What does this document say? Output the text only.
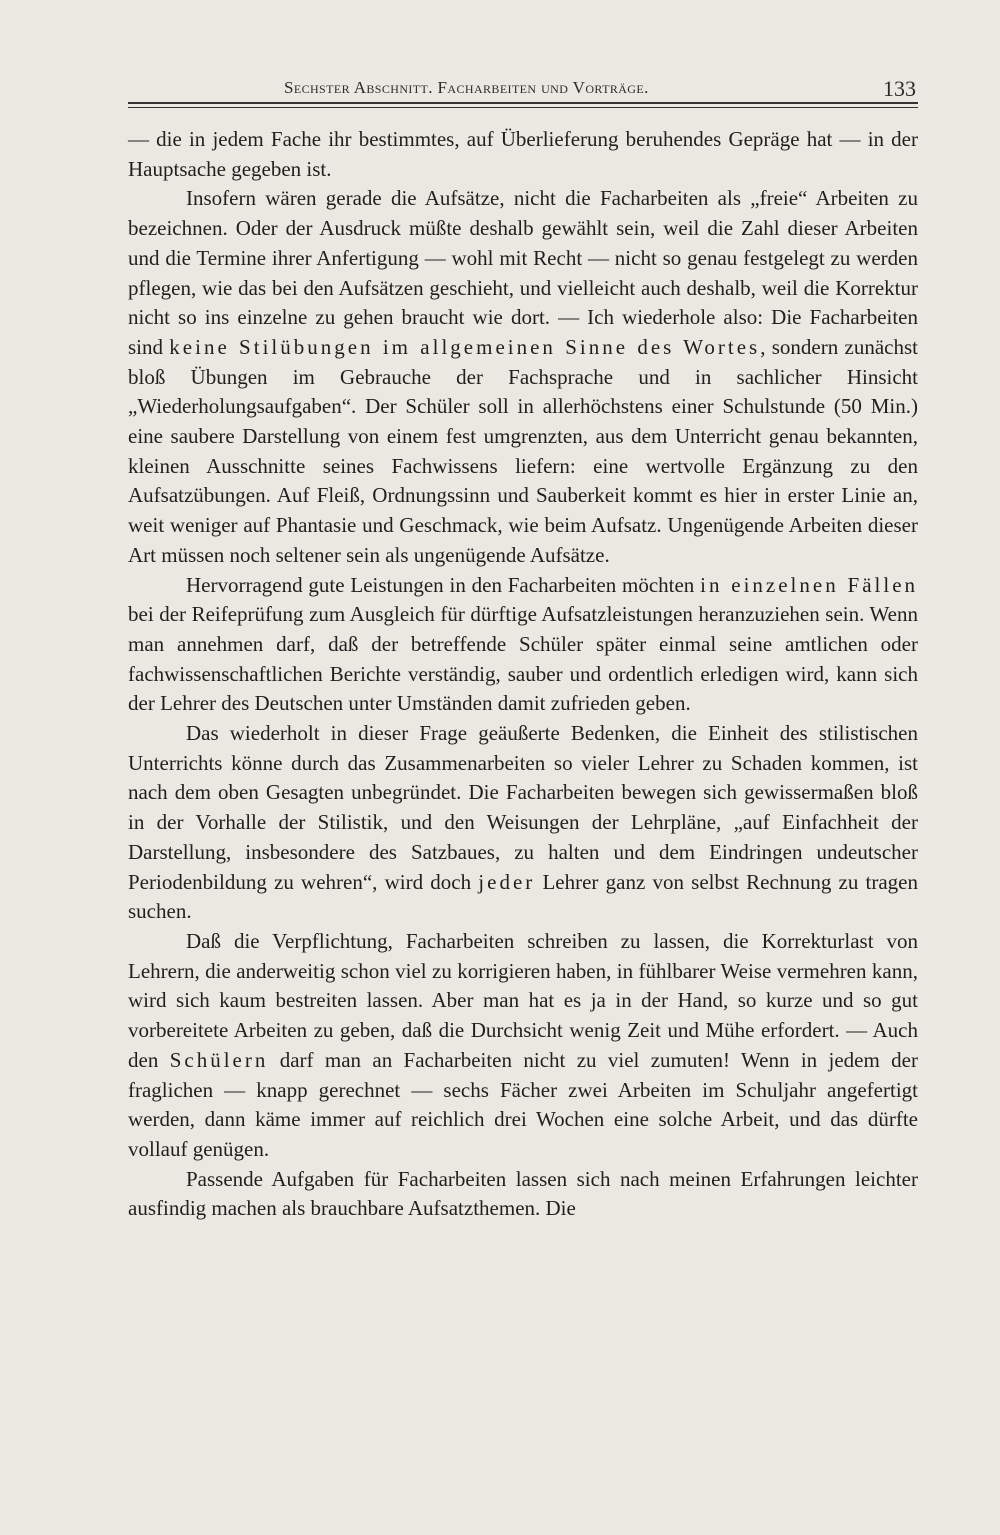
Sechster Abschnitt. Facharbeiten und Vorträge.	133

— die in jedem Fache ihr bestimmtes, auf Überlieferung beruhendes Gepräge hat — in der Hauptsache gegeben ist.

Insofern wären gerade die Aufsätze, nicht die Facharbeiten als „freie“ Arbeiten zu bezeichnen. Oder der Ausdruck müßte deshalb gewählt sein, weil die Zahl dieser Arbeiten und die Termine ihrer Anfertigung — wohl mit Recht — nicht so genau festgelegt zu werden pflegen, wie das bei den Aufsätzen geschieht, und vielleicht auch deshalb, weil die Korrektur nicht so ins einzelne zu gehen braucht wie dort. — Ich wiederhole also: Die Facharbeiten sind keine Stilübungen im allgemeinen Sinne des Wortes, sondern zunächst bloß Übungen im Gebrauche der Fachsprache und in sachlicher Hinsicht „Wiederholungsaufgaben“. Der Schüler soll in allerhöchstens einer Schulstunde (50 Min.) eine saubere Darstellung von einem fest umgrenzten, aus dem Unterricht genau bekannten, kleinen Ausschnitte seines Fachwissens liefern: eine wertvolle Ergänzung zu den Aufsatzübungen. Auf Fleiß, Ordnungssinn und Sauberkeit kommt es hier in erster Linie an, weit weniger auf Phantasie und Geschmack, wie beim Aufsatz. Ungenügende Arbeiten dieser Art müssen noch seltener sein als ungenügende Aufsätze.

Hervorragend gute Leistungen in den Facharbeiten möchten in einzelnen Fällen bei der Reifeprüfung zum Ausgleich für dürftige Aufsatzleistungen heranzuziehen sein. Wenn man annehmen darf, daß der betreffende Schüler später einmal seine amtlichen oder fachwissenschaftlichen Berichte verständig, sauber und ordentlich erledigen wird, kann sich der Lehrer des Deutschen unter Umständen damit zufrieden geben.

Das wiederholt in dieser Frage geäußerte Bedenken, die Einheit des stilistischen Unterrichts könne durch das Zusammenarbeiten so vieler Lehrer zu Schaden kommen, ist nach dem oben Gesagten unbegründet. Die Facharbeiten bewegen sich gewissermaßen bloß in der Vorhalle der Stilistik, und den Weisungen der Lehrpläne, „auf Einfachheit der Darstellung, insbesondere des Satzbaues, zu halten und dem Eindringen undeutscher Periodenbildung zu wehren“, wird doch jeder Lehrer ganz von selbst Rechnung zu tragen suchen.

Daß die Verpflichtung, Facharbeiten schreiben zu lassen, die Korrekturlast von Lehrern, die anderweitig schon viel zu korrigieren haben, in fühlbarer Weise vermehren kann, wird sich kaum bestreiten lassen. Aber man hat es ja in der Hand, so kurze und so gut vorbereitete Arbeiten zu geben, daß die Durchsicht wenig Zeit und Mühe erfordert. — Auch den Schülern darf man an Facharbeiten nicht zu viel zumuten! Wenn in jedem der fraglichen — knapp gerechnet — sechs Fächer zwei Arbeiten im Schuljahr angefertigt werden, dann käme immer auf reichlich drei Wochen eine solche Arbeit, und das dürfte vollauf genügen.

Passende Aufgaben für Facharbeiten lassen sich nach meinen Erfahrungen leichter ausfindig machen als brauchbare Aufsatzthemen. Die
